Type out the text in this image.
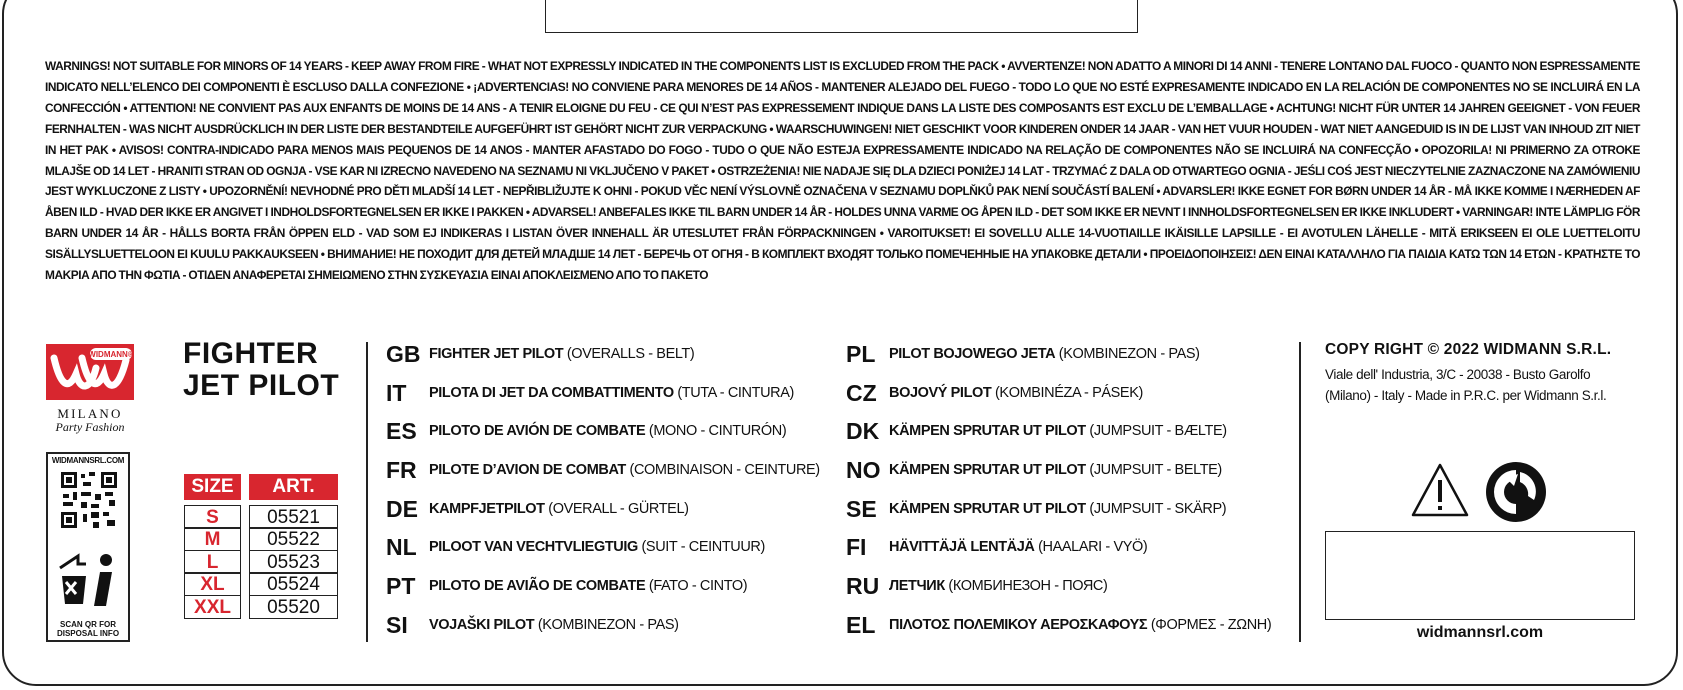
WARNINGS! NOT SUITABLE FOR MINORS OF 14 YEARS - KEEP AWAY FROM FIRE - WHAT NOT EXPRESSLY INDICATED IN THE COMPONENTS LIST IS EXCLUDED FROM THE PACK • AVVERTENZE! NON ADATTO A MINORI DI 14 ANNI - TENERE LONTANO DAL FUOCO - QUANTO NON ESPRESSAMENTE INDICATO NELL’ELENCO DEI COMPONENTI È ESCLUSO DALLA CONFEZIONE • ¡ADVERTENCIAS! NO CONVIENE PARA MENORES DE 14 AÑOS - MANTENER ALEJADO DEL FUEGO - TODO LO QUE NO ESTÉ EXPRESAMENTE INDICADO EN LA RELACIÓN DE COMPONENTES NO SE INCLUIRÁ EN LA CONFECCIÓN • ATTENTION! NE CONVIENT PAS AUX ENFANTS DE MOINS DE 14 ANS - A TENIR ELOIGNE DU FEU - CE QUI N’EST PAS EXPRESSEMENT INDIQUE DANS LA LISTE DES COMPOSANTS EST EXCLU DE L’EMBALLAGE • ACHTUNG! NICHT FÜR UNTER 14 JAHREN GEEIGNET - VON FEUER FERNHALTEN - WAS NICHT AUSDRÜCKLICH IN DER LISTE DER BESTANDTEILE AUFGEFÜHRT IST GEHÖRT NICHT ZUR VERPACKUNG • WAARSCHUWINGEN! NIET GESCHIKT VOOR KINDEREN ONDER 14 JAAR - VAN HET VUUR HOUDEN - WAT NIET AANGEDUID IS IN DE LIJST VAN INHOUD ZIT NIET IN HET PAK • AVISOS! CONTRA-INDICADO PARA MENOS MAIS PEQUENOS DE 14 ANOS - MANTER AFASTADO DO FOGO - TUDO O QUE NÃO ESTEJA EXPRESSAMENTE INDICADO NA RELAÇÃO DE COMPONENTES NÃO SE INCLUIRÁ NA CONFECÇÃO • OPOZORILA! NI PRIMERNO ZA OTROKE MLAJŠE OD 14 LET - HRANITI STRAN OD OGNJA - VSE KAR NI IZRECNO NAVEDENO NA SEZNAMU NI VKLJUČENO V PAKET • OSTRZEŻENIA! NIE NADAJE SIĘ DLA DZIECI PONIŻEJ 14 LAT - TRZYMAĆ Z DALA OD OTWARTEGO OGNIA - JEŚLI COŚ JEST NIECZYTELNIE ZAZNACZONE NA ZAMÓWIENIU JEST WYKLUCZONE Z LISTY • UPOZORNĚNÍ! NEVHODNÉ PRO DĚTI MLADŠÍ 14 LET - NEPŘIBLIŽUJTE K OHNI - POKUD VĚC NENÍ VÝSLOVNĚ OZNAČENA V SEZNAMU DOPLŇKŮ PAK NENÍ SOUČÁSTÍ BALENÍ • ADVARSLER! IKKE EGNET FOR BØRN UNDER 14 ÅR - MÅ IKKE KOMME I NÆRHEDEN AF ÅBEN ILD - HVAD DER IKKE ER ANGIVET I INDHOLDSFORTEGNELSEN ER IKKE I PAKKEN • ADVARSEL! ANBEFALES IKKE TIL BARN UNDER 14 ÅR - HOLDES UNNA VARME OG ÅPEN ILD - DET SOM IKKE ER NEVNT I INNHOLDSFORTEGNELSEN ER IKKE INKLUDERT • VARNINGAR! INTE LÄMPLIG FÖR BARN UNDER 14 ÅR - HÅLLS BORTA FRÅN ÖPPEN ELD - VAD SOM EJ INDIKERAS I LISTAN ÖVER INNEHALL ÄR UTESLUTET FRÅN FÖRPACKNINGEN • VAROITUKSET! EI SOVELLU ALLE 14-VUOTIAILLE IKÄISILLE LAPSILLE - EI AVOTULEN LÄHELLE - MITÄ ERIKSEEN EI OLE LUETTELOITU SISÄLLYSLUETTELOON EI KUULU PAKKAUKSEEN • ВНИМАНИЕ! НЕ ПОХОДИТ ДЛЯ ДЕТЕЙ МЛАДШЕ 14 ЛЕТ - БЕРЕЧЬ ОТ ОГНЯ - В КОМПЛЕКТ ВХОДЯТ ТОЛЬКО ПОМЕЧЕННЫЕ НА УПАКОВКЕ ДЕТАЛИ • ΠΡΟΕΙΔΟΠΟΙΗΣΕΙΣ! ΔΕΝ ΕΙΝΑΙ ΚΑΤΑΛΛΗΛΟ ΓΙΑ ΠΑΙΔΙΑ ΚΑΤΩ ΤΩΝ 14 ΕΤΩΝ - ΚΡΑΤΗΣΤΕ ΤΟ ΜΑΚΡΙΑ ΑΠΟ ΤΗΝ ΦΩΤΙΑ - ΟΤΙΔΕΝ ΑΝΑΦΕΡΕΤΑΙ ΣΗΜΕΙΩΜΕΝΟ ΣΤΗΝ ΣΥΣΚΕΥΑΣΙΑ ΕΙΝΑΙ ΑΠΟΚΛΕΙΣΜΕΝΟ ΑΠΟ ΤΟ ΠΑΚΕΤΟ

WIDMANN®
MILANO
Party Fashion
WIDMANNSRL.COM
SCAN QR FOR
DISPOSAL INFO
FIGHTER
JET PILOT
SIZE	ART.
S	05521
M	05522
L	05523
XL	05524
XXL	05520
GB FIGHTER JET PILOT (OVERALLS - BELT)
IT	PILOTA DI JET DA COMBATTIMENTO (TUTA - CINTURA)
ES PILOTO DE AVIÓN DE COMBATE (MONO - CINTURÓN)
FR PILOTE D’AVION DE COMBAT (COMBINAISON - CEINTURE)
DE KAMPFJETPILOT (OVERALL - GÜRTEL)
NL PILOOT VAN VECHTVLIEGTUIG (SUIT - CEINTUUR)
PT PILOTO DE AVIÃO DE COMBATE (FATO - CINTO)
SI	VOJAŠKI PILOT (KOMBINEZON - PAS)
PL PILOT BOJOWEGO JETA (KOMBINEZON - PAS)
CZ BOJOVÝ PILOT (KOMBINÉZA - PÁSEK)
DK KÄMPEN SPRUTAR UT PILOT (JUMPSUIT - BÆLTE)
NO KÄMPEN SPRUTAR UT PILOT (JUMPSUIT - BELTE)
SE KÄMPEN SPRUTAR UT PILOT (JUMPSUIT - SKÄRP)
FI	HÄVITTÄJÄ LENTÄJÄ (HAALARI - VYÖ)
RU ЛЕТЧИК (КОМБИНЕЗОН - ПОЯС)
EL ΠΙΛΟΤΟΣ ΠΟΛΕΜΙΚΟΥ ΑΕΡΟΣΚΑΦΟΥΣ (ΦΟΡΜΕΣ - ΖΩΝΗ)
COPY RIGHT © 2022 WIDMANN S.R.L.
Viale dell' Industria, 3/C - 20038 - Busto Garolfo
(Milano) - Italy - Made in P.R.C. per Widmann S.r.l.
widmannsrl.com
